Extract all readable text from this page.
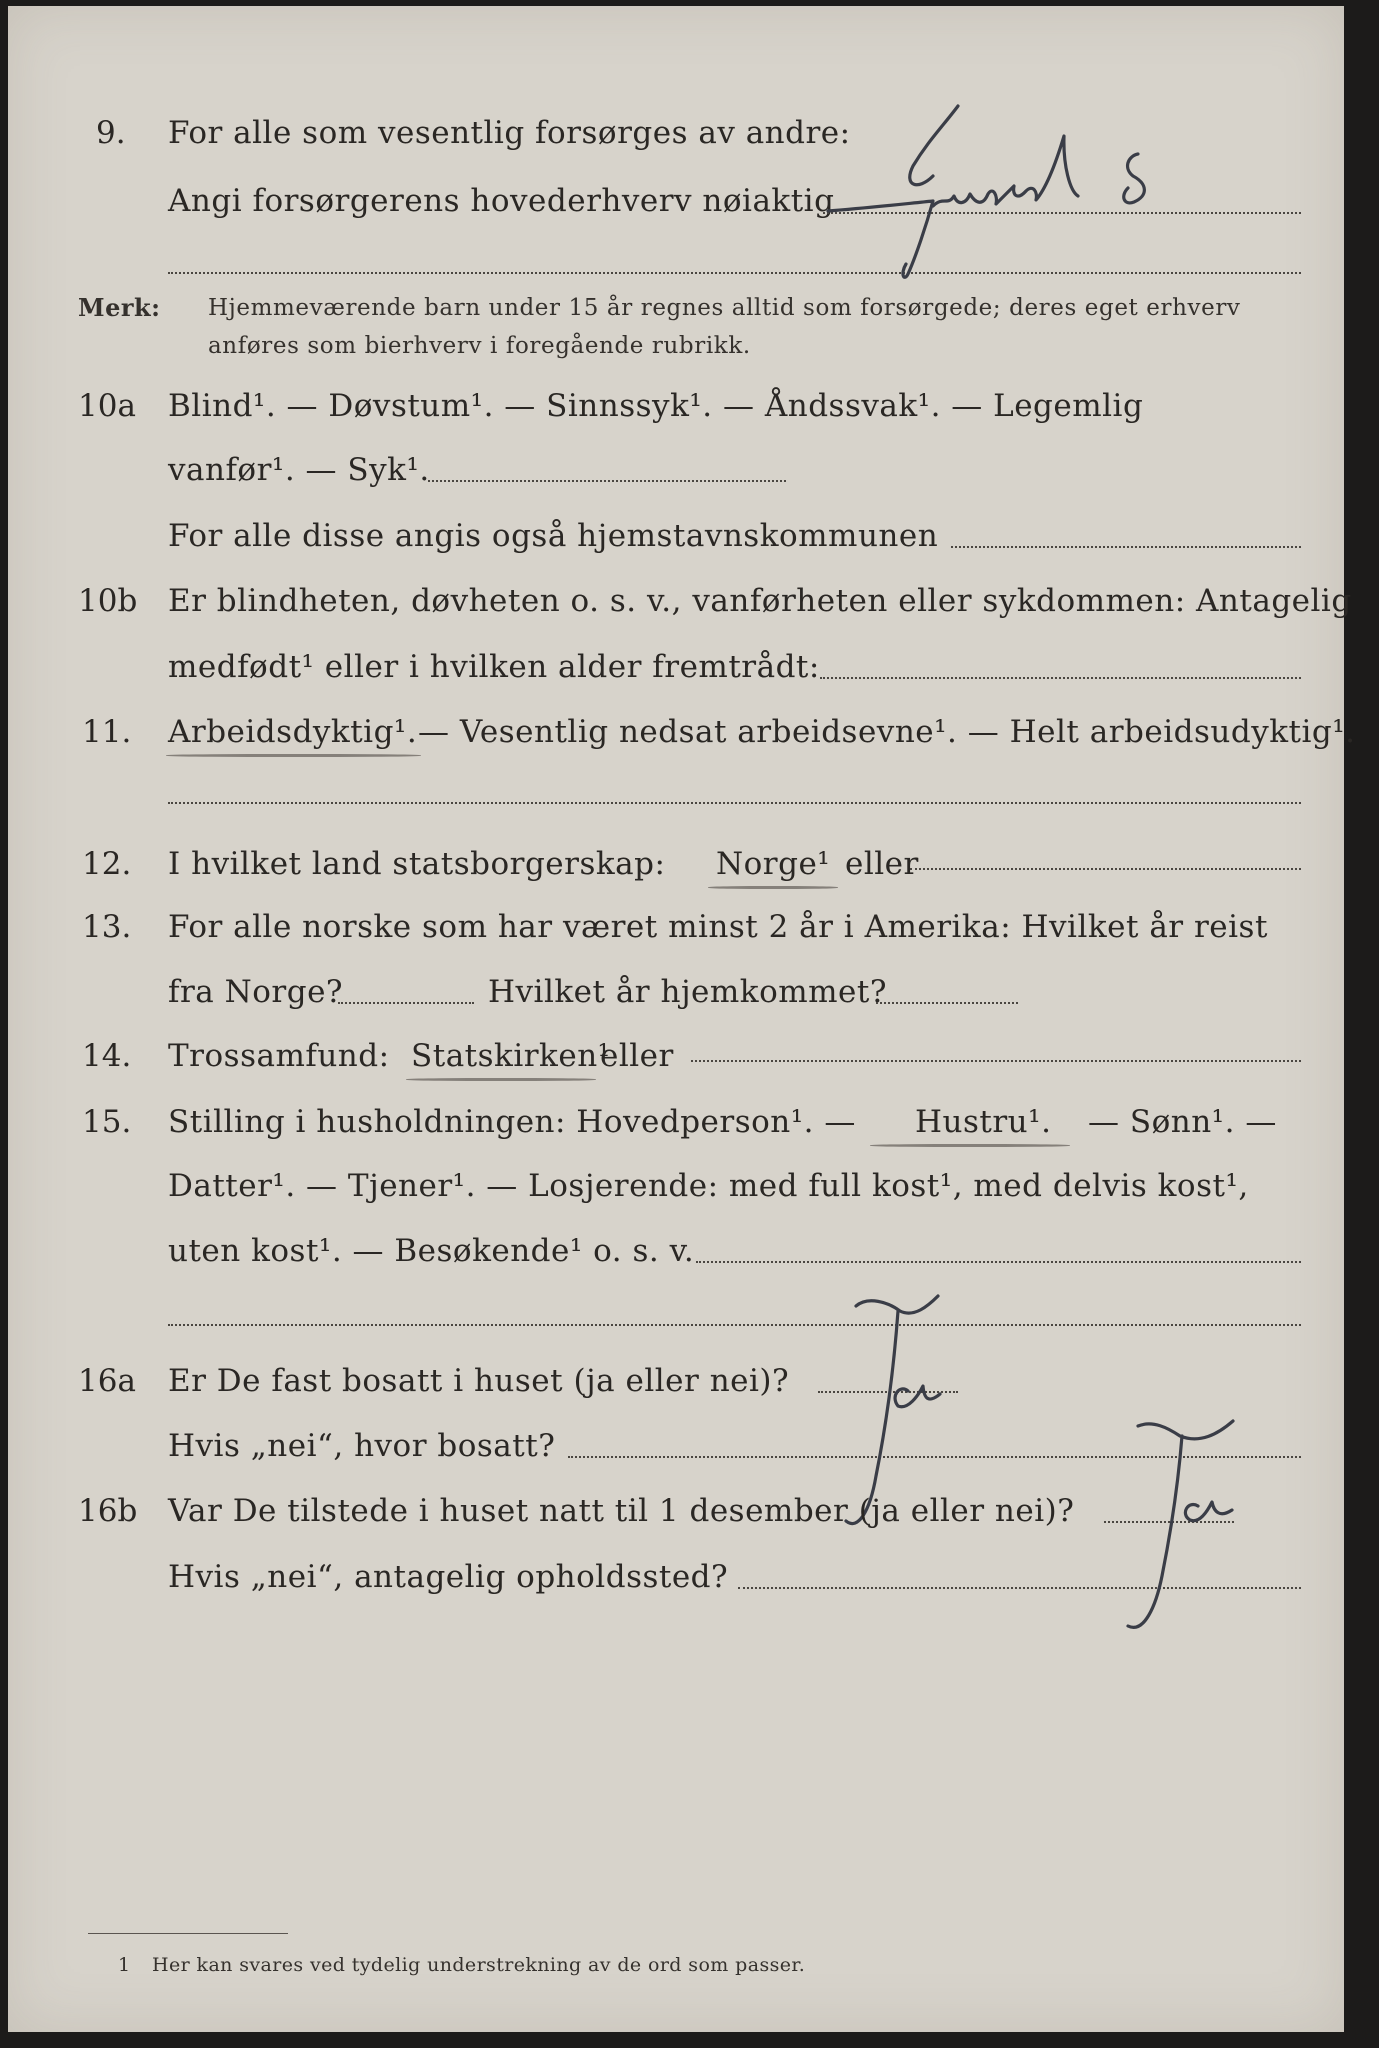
9. For alle som vesentlig forsørges av andre:
Angi forsørgerens hovederhverv nøiaktig
Merk: Hjemmeværende barn under 15 år regnes alltid som forsørgede; deres eget erhverv
anføres som bierhverv i foregående rubrikk.
10a Blind¹. — Døvstum¹. — Sinnssyk¹. — Åndssvak¹. — Legemlig
vanfør¹. — Syk¹.
For alle disse angis også hjemstavnskommunen
10b Er blindheten, døvheten o. s. v., vanførheten eller sykdommen: Antagelig
medfødt¹ eller i hvilken alder fremtrådt:
11. Arbeidsdyktig¹. — Vesentlig nedsat arbeidsevne¹. — Helt arbeidsudyktig¹.
12. I hvilket land statsborgerskap: Norge¹ eller
13. For alle norske som har været minst 2 år i Amerika: Hvilket år reist
fra Norge?	Hvilket år hjemkommet?
14. Trossamfund: Statskirken¹
eller
15. Stilling i husholdningen: Hovedperson¹. — Hustru¹. — Sønn¹. —
Datter¹. — Tjener¹. — Losjerende: med full kost¹, med delvis kost¹,
uten kost¹. — Besøkende¹ o. s. v.
16a Er De fast bosatt i huset (ja eller nei)?
Hvis „nei“, hvor bosatt?
16b Var De tilstede i huset natt til 1 desember (ja eller nei)?
Hvis „nei“, antagelig opholdssted?
1 Her kan svares ved tydelig understrekning av de ord som passer.
